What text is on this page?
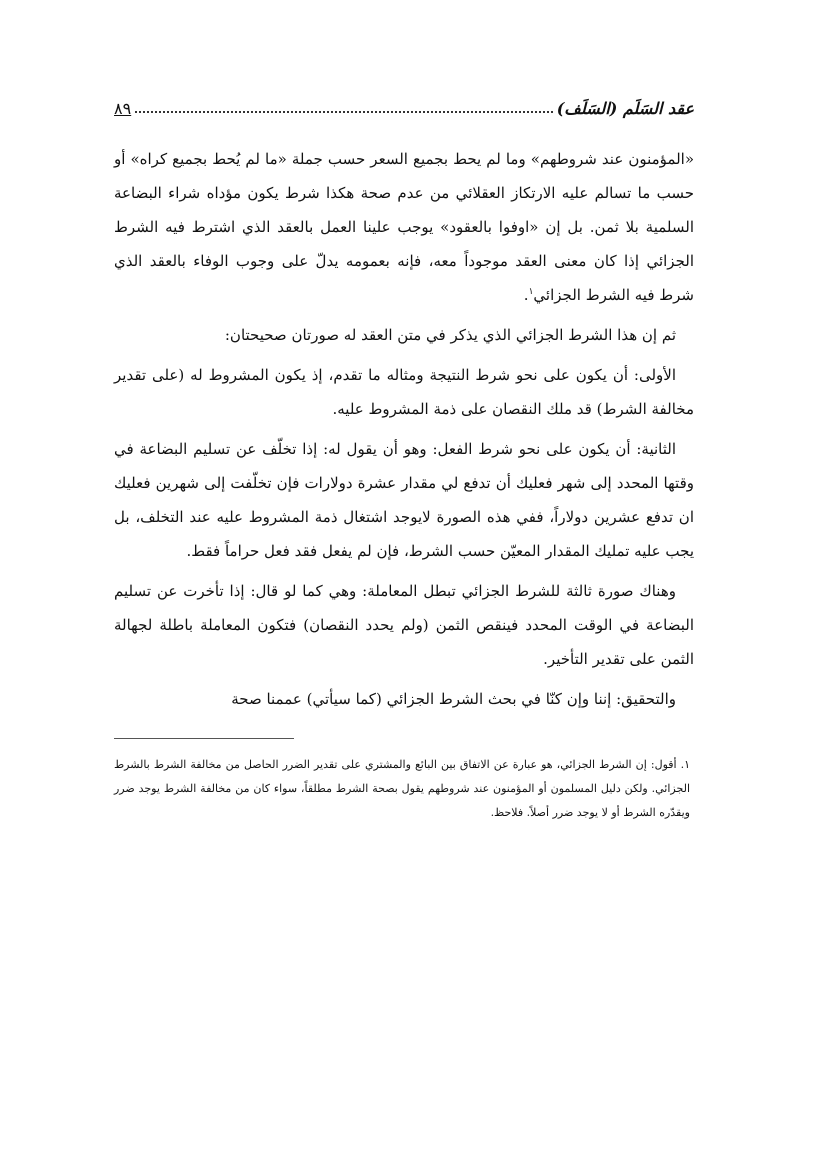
عقد السَلَم (السَلَف)
٨٩

«المؤمنون عند شروطهم» وما لم يحط بجميع السعر حسب جملة «ما لم يُحط بجميع كراه» أو حسب ما تسالم عليه الارتكاز العقلائي من عدم صحة هكذا شرط يكون مؤداه شراء البضاعة السلمية بلا ثمن. بل إن «اوفوا بالعقود» يوجب علينا العمل بالعقد الذي اشترط فيه الشرط الجزائي إذا كان معنى العقد موجوداً معه، فإنه بعمومه يدلّ على وجوب الوفاء بالعقد الذي شرط فيه الشرط الجزائي$^١$.

ثم إن هذا الشرط الجزائي الذي يذكر في متن العقد له صورتان صحيحتان:

الأولى: أن يكون على نحو شرط النتيجة ومثاله ما تقدم، إذ يكون المشروط له (على تقدير مخالفة الشرط) قد ملك النقصان على ذمة المشروط عليه.

الثانية: أن يكون على نحو شرط الفعل: وهو أن يقول له: إذا تخلّف عن تسليم البضاعة في وقتها المحدد إلى شهر فعليك أن تدفع لي مقدار عشرة دولارات فإن تخلّفت إلى شهرين فعليك ان تدفع عشرين دولاراً، ففي هذه الصورة لايوجد اشتغال ذمة المشروط عليه عند التخلف، بل يجب عليه تمليك المقدار المعيّن حسب الشرط، فإن لم يفعل فقد فعل حراماً فقط.

وهناك صورة ثالثة للشرط الجزائي تبطل المعاملة: وهي كما لو قال: إذا تأخرت عن تسليم البضاعة في الوقت المحدد فينقص الثمن (ولم يحدد النقصان) فتكون المعاملة باطلة لجهالة الثمن على تقدير التأخير.

والتحقيق: إننا وإن كنّا في بحث الشرط الجزائي (كما سيأتي) عممنا صحة

١.أقول: إن الشرط الجزائي، هو عبارة عن الاتفاق بين البائع والمشتري على تقدير الضرر الحاصل من مخالفة الشرط بالشرط الجزائي. ولكن دليل المسلمون أو المؤمنون عند شروطهم يقول بصحة الشرط مطلقاً، سواء كان من مخالفة الشرط يوجد ضرر ويقدّره الشرط أو لا يوجد ضرر أصلاً. فلاحظ.
